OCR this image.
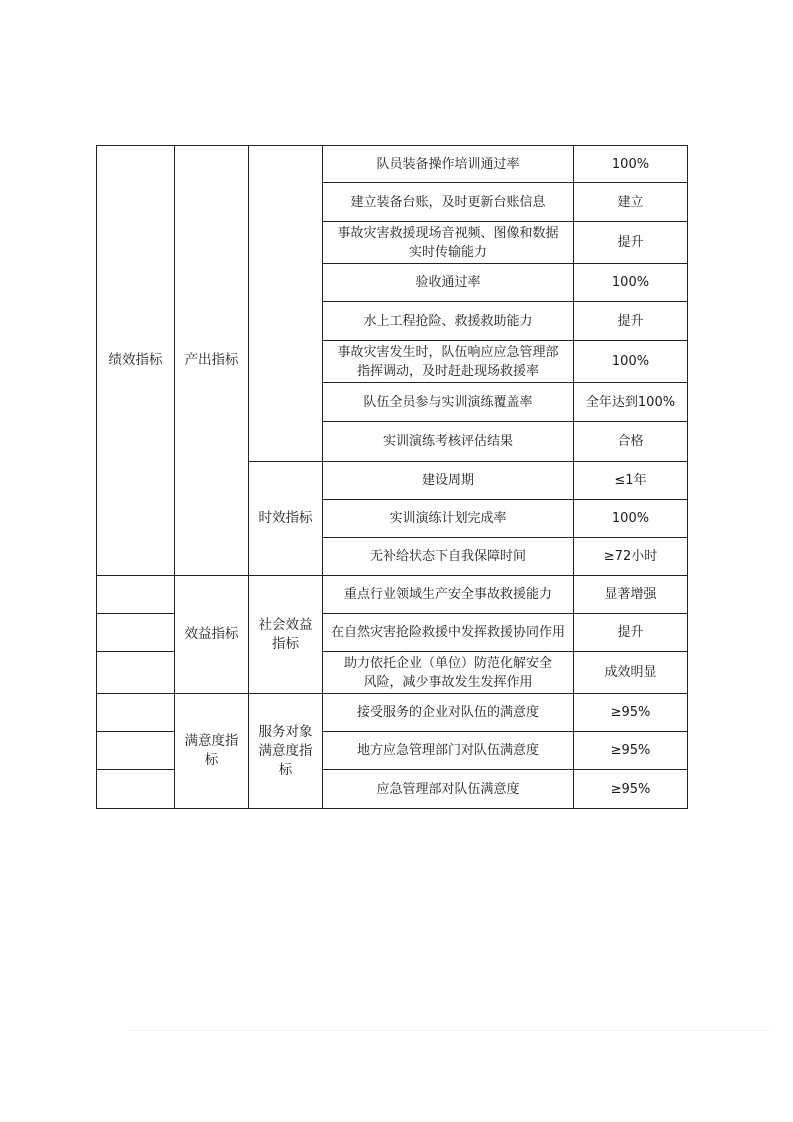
绩效指标	产出指标		队员装备操作培训通过率	100%
			建立装备台账，及时更新台账信息	建立
			事故灾害救援现场音视频、图像和数据
实时传输能力	提升
			验收通过率	100%
			水上工程抢险、救援救助能力	提升
			事故灾害发生时，队伍响应应急管理部
指挥调动，及时赶赴现场救援率	100%
			队伍全员参与实训演练覆盖率	全年达到100%
			实训演练考核评估结果	合格
		时效指标	建设周期	≤1年
			实训演练计划完成率	100%
			无补给状态下自我保障时间	≥72小时
	效益指标	社会效益
指标	重点行业领域生产安全事故救援能力	显著增强
			在自然灾害抢险救援中发挥救援协同作用	提升
			助力依托企业（单位）防范化解安全
风险，减少事故发生发挥作用	成效明显
	满意度指标	服务对象
满意度指标	接受服务的企业对队伍的满意度	≥95%
			地方应急管理部门对队伍满意度	≥95%
			应急管理部对队伍满意度	≥95%
